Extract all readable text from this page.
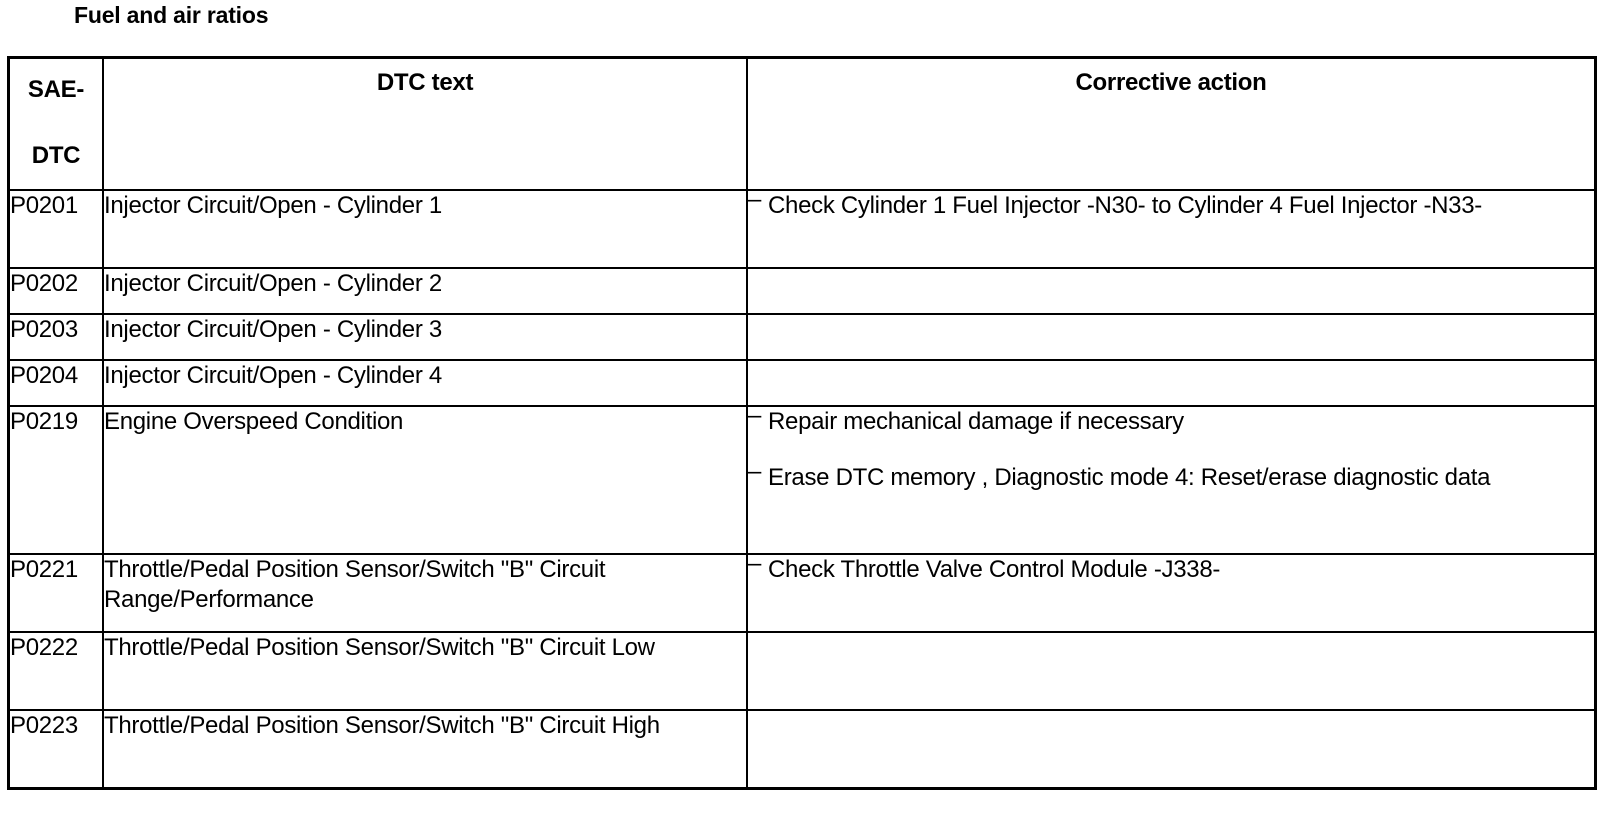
Fuel and air ratios
SAE-
DTC	DTC text	Corrective action

P0201	Injector Circuit/Open - Cylinder 1	– Check Cylinder 1 Fuel Injector -N30- to Cylinder 4 Fuel Injector -N33-

P0202	Injector Circuit/Open - Cylinder 2	
P0203	Injector Circuit/Open - Cylinder 3	
P0204	Injector Circuit/Open - Cylinder 4	
P0219	Engine Overspeed Condition	– Repair mechanical damage if necessary
– Erase DTC memory , Diagnostic mode 4: Reset/erase diagnostic data

P0221	Throttle/Pedal Position Sensor/Switch "B" Circuit Range/Performance	– Check Throttle Valve Control Module -J338-

P0222	Throttle/Pedal Position Sensor/Switch "B" Circuit Low	
P0223	Throttle/Pedal Position Sensor/Switch "B" Circuit High	
